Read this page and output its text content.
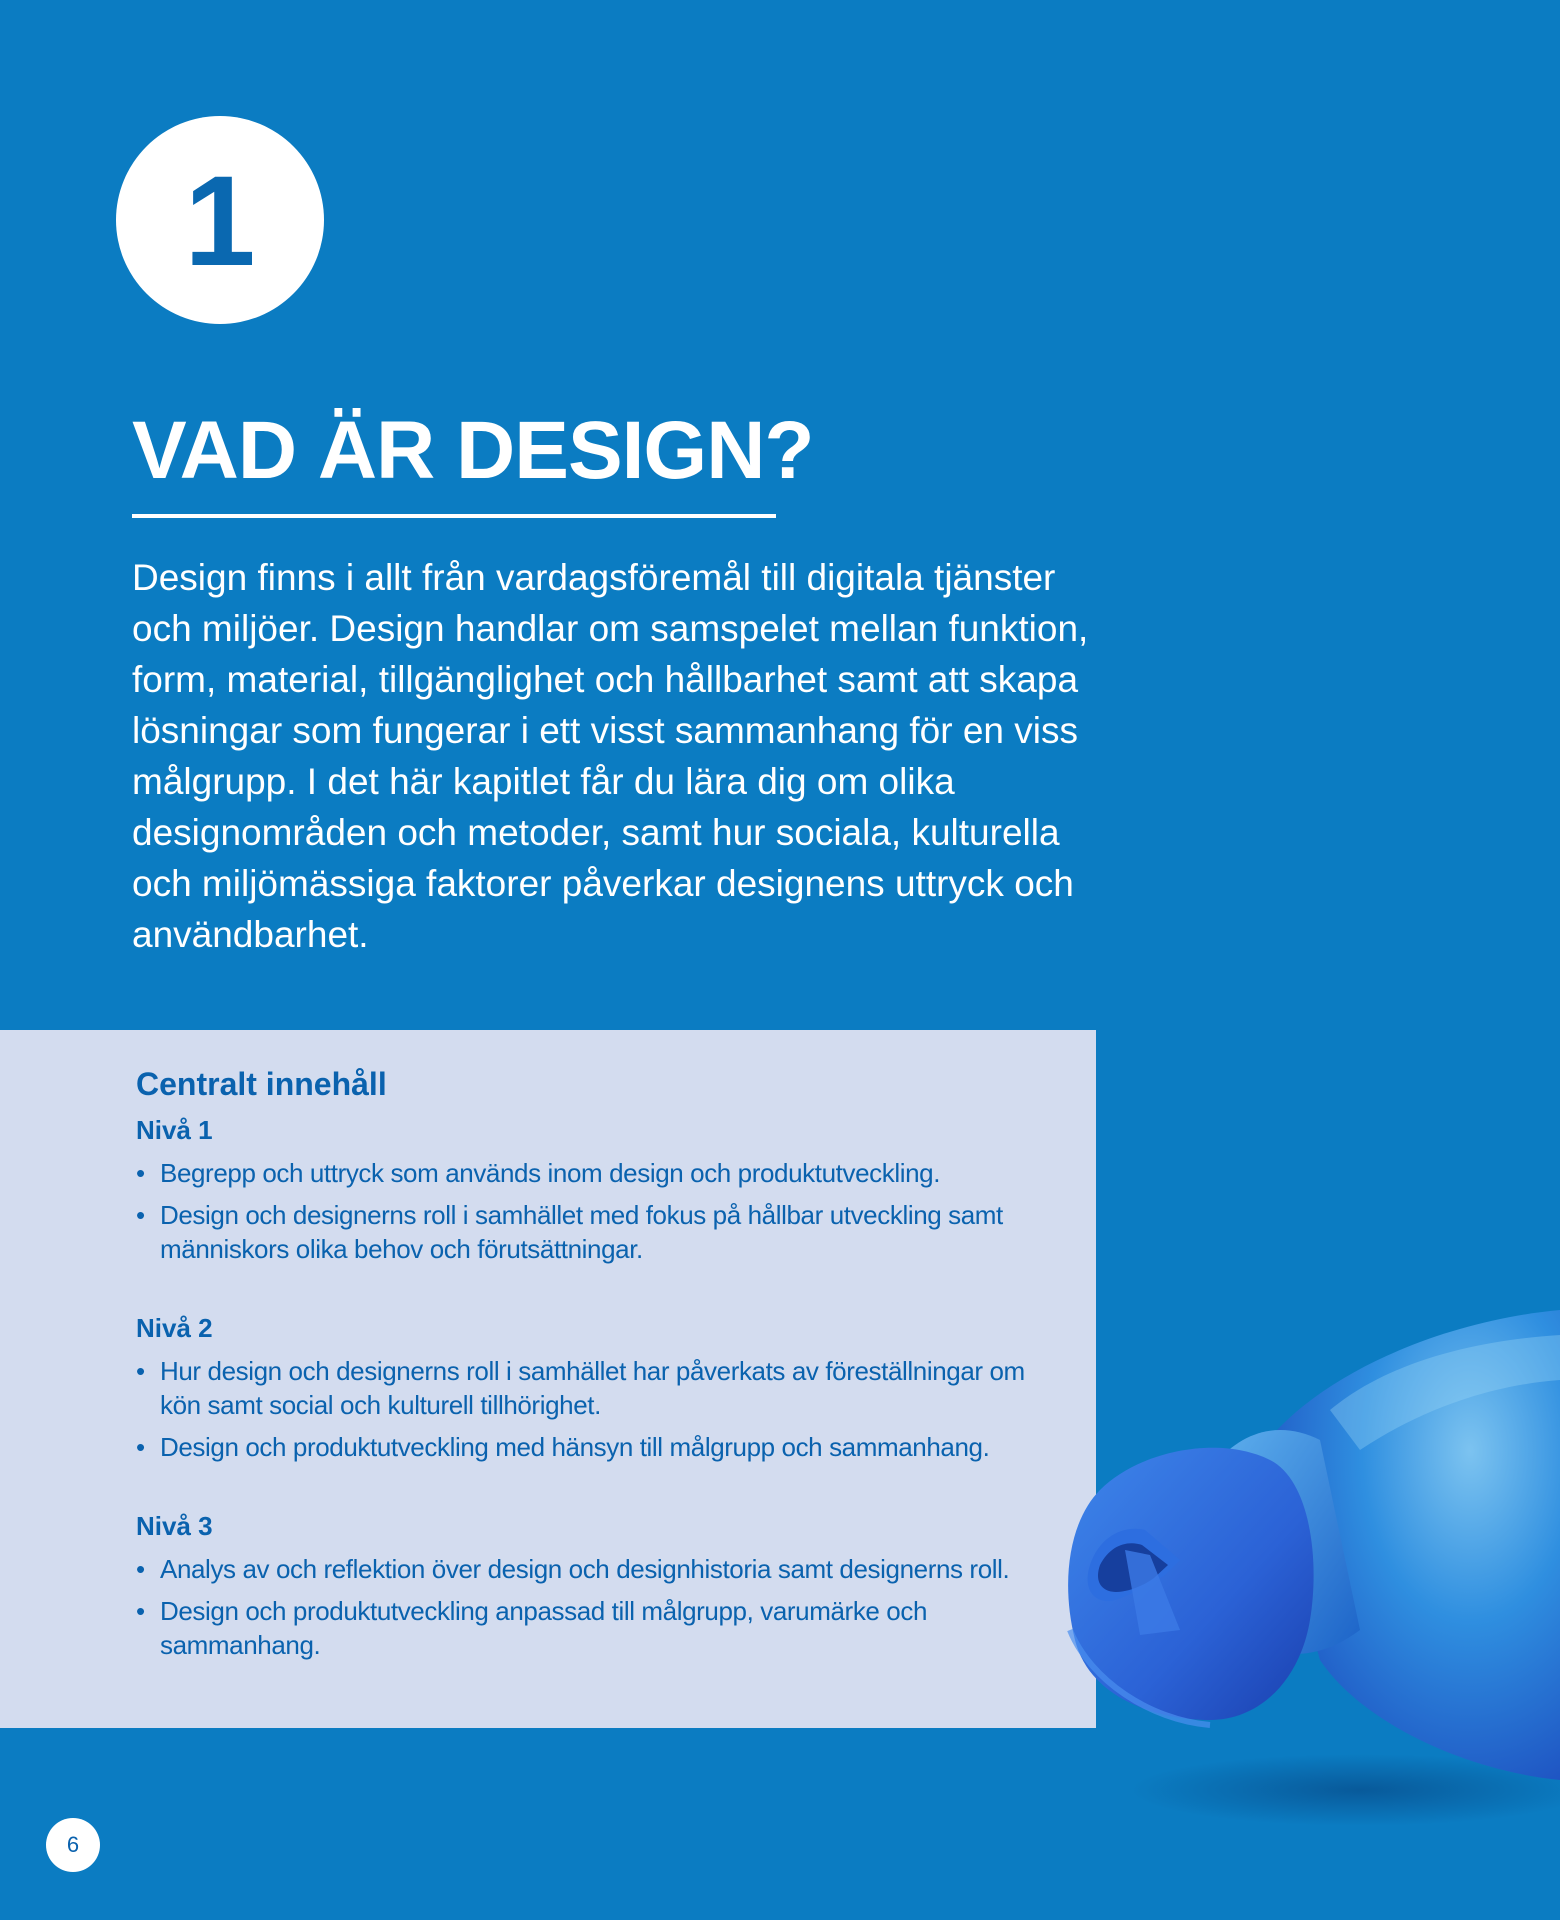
1
VAD ÄR DESIGN?

Design finns i allt från vardagsföremål till digitala tjänster och miljöer. Design handlar om samspelet mellan funktion, form, material, tillgänglighet och hållbarhet samt att skapa lösningar som fungerar i ett visst sammanhang för en viss målgrupp. I det här kapitlet får du lära dig om olika designområden och metoder, samt hur sociala, kulturella och miljömässiga faktorer påverkar designens uttryck och användbarhet.

Centralt innehåll
Nivå 1
• Begrepp och uttryck som används inom design och produktutveckling.
• Design och designerns roll i samhället med fokus på hållbar utveckling samt människors olika behov och förutsättningar.
Nivå 2
• Hur design och designerns roll i samhället har påverkats av föreställningar om kön samt social och kulturell tillhörighet.
• Design och produktutveckling med hänsyn till målgrupp och sammanhang.
Nivå 3
• Analys av och reflektion över design och designhistoria samt designerns roll.
• Design och produktutveckling anpassad till målgrupp, varumärke och sammanhang.
6
